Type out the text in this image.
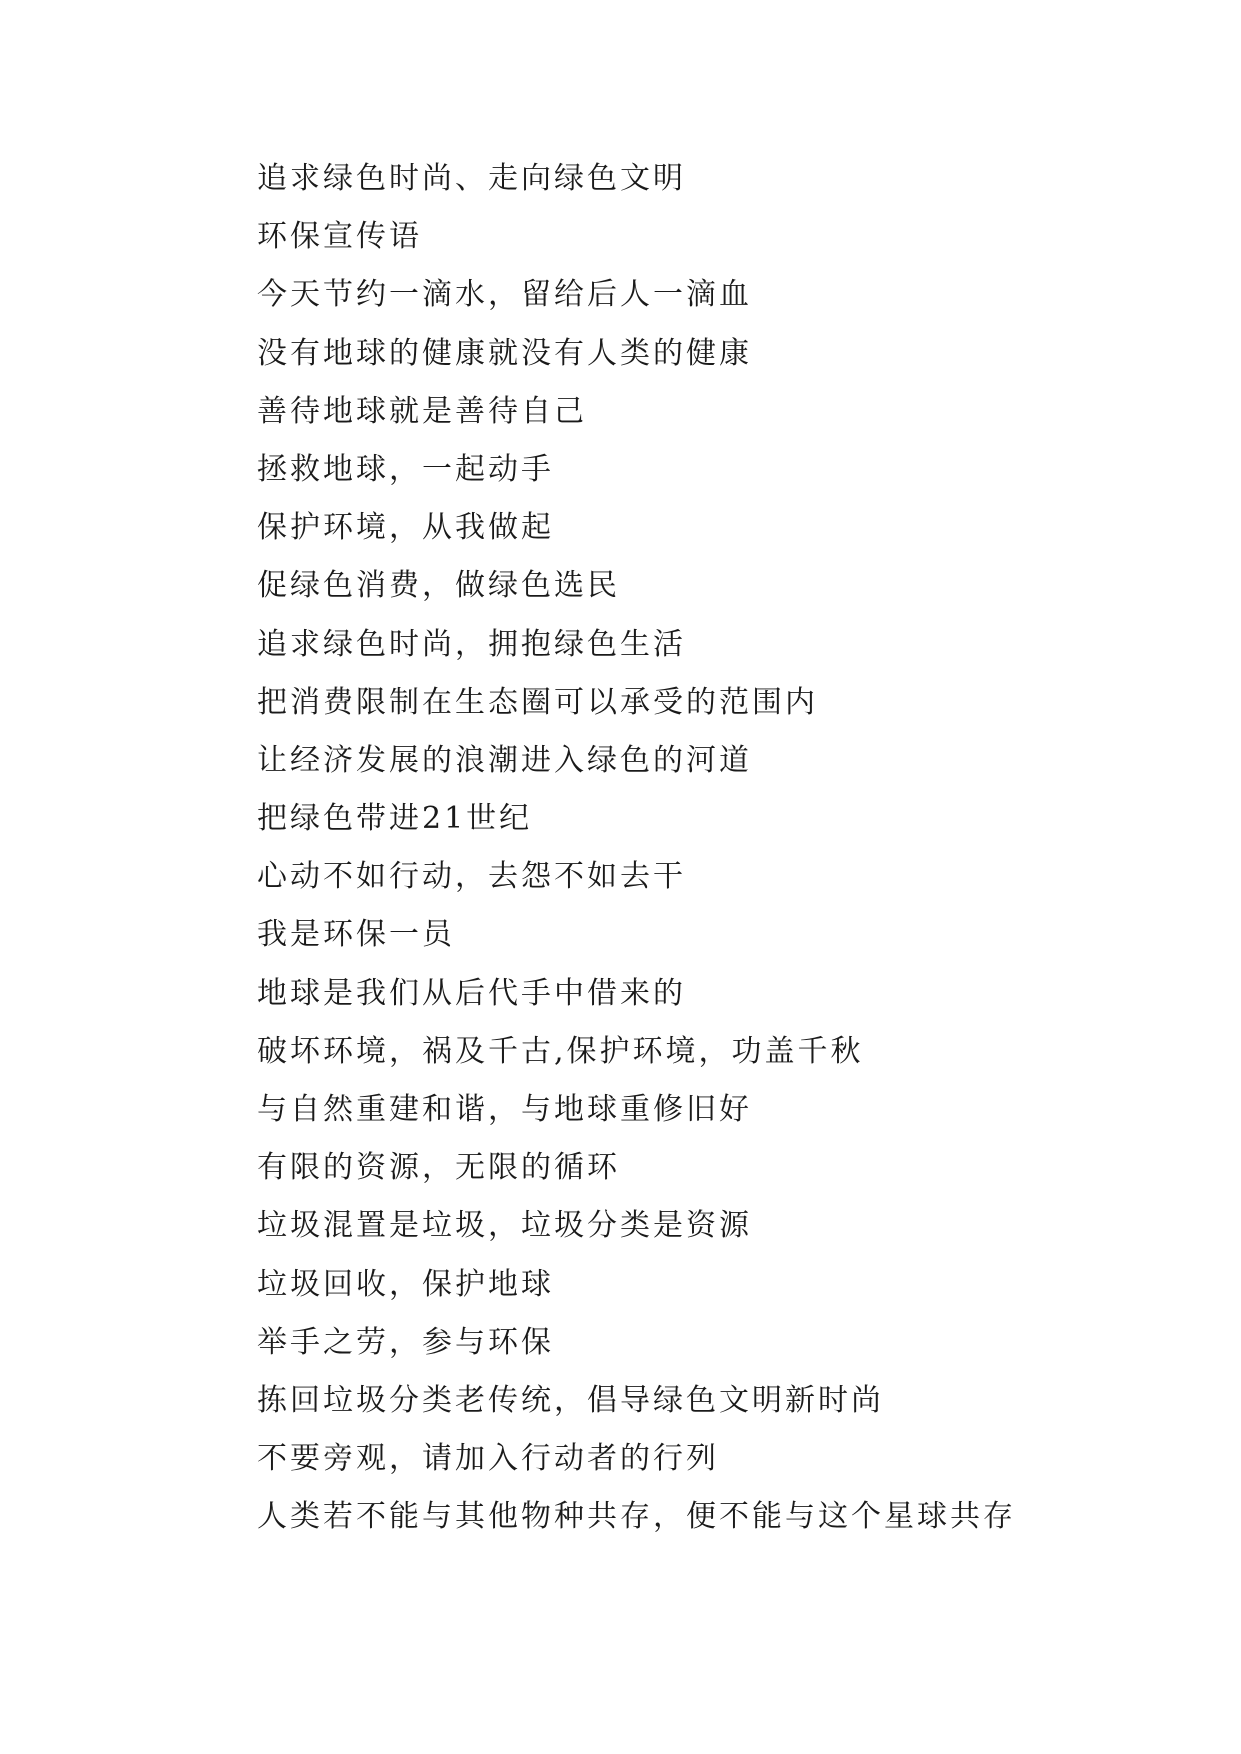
追求绿色时尚、走向绿色文明
环保宣传语
今天节约一滴水，留给后人一滴血
没有地球的健康就没有人类的健康
善待地球就是善待自己
拯救地球，一起动手
保护环境，从我做起
促绿色消费，做绿色选民
追求绿色时尚，拥抱绿色生活
把消费限制在生态圈可以承受的范围内
让经济发展的浪潮进入绿色的河道
把绿色带进21世纪
心动不如行动，去怨不如去干
我是环保一员
地球是我们从后代手中借来的
破坏环境，祸及千古,保护环境，功盖千秋
与自然重建和谐，与地球重修旧好
有限的资源，无限的循环
垃圾混置是垃圾，垃圾分类是资源
垃圾回收，保护地球
举手之劳，参与环保
拣回垃圾分类老传统，倡导绿色文明新时尚
不要旁观，请加入行动者的行列
人类若不能与其他物种共存，便不能与这个星球共存
